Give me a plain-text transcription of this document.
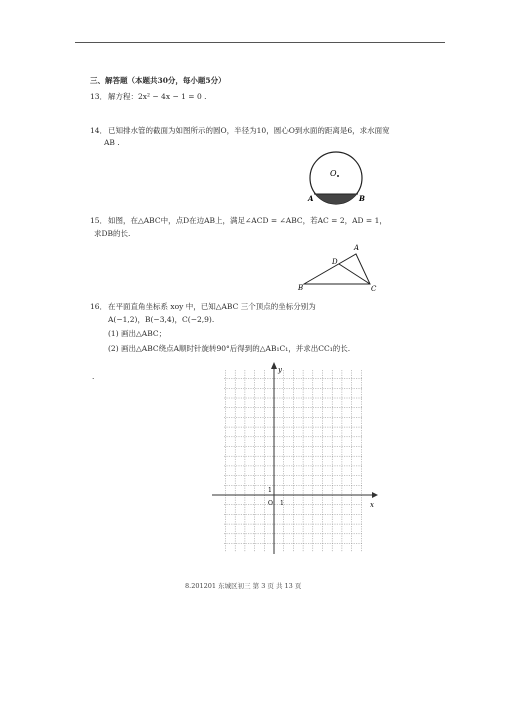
三、解答题（本题共30分，每小题5分）
13． 解方程：2x² − 4x − 1 = 0 .
14． 已知排水管的截面为如图所示的圆O，半径为10，圆心O到水面的距离是6，求水面宽
AB .
O
A	B
15． 如图，在△ABC中，点D在边AB上，满足∠ACD = ∠ABC，若AC = 2，AD = 1，
求DB的长.
A
D
B	C
16． 在平面直角坐标系 xoy 中，已知△ABC 三个顶点的坐标分别为
A(−1,2)，B(−3,4)，C(−2,9).
(1) 画出△ABC；
(2) 画出△ABC绕点A顺时针旋转90°后得到的△AB₁C₁，并求出CC₁的长.
·
x
y
O 1
1
8.201201 东城区初三 第 3 页 共 13 页
